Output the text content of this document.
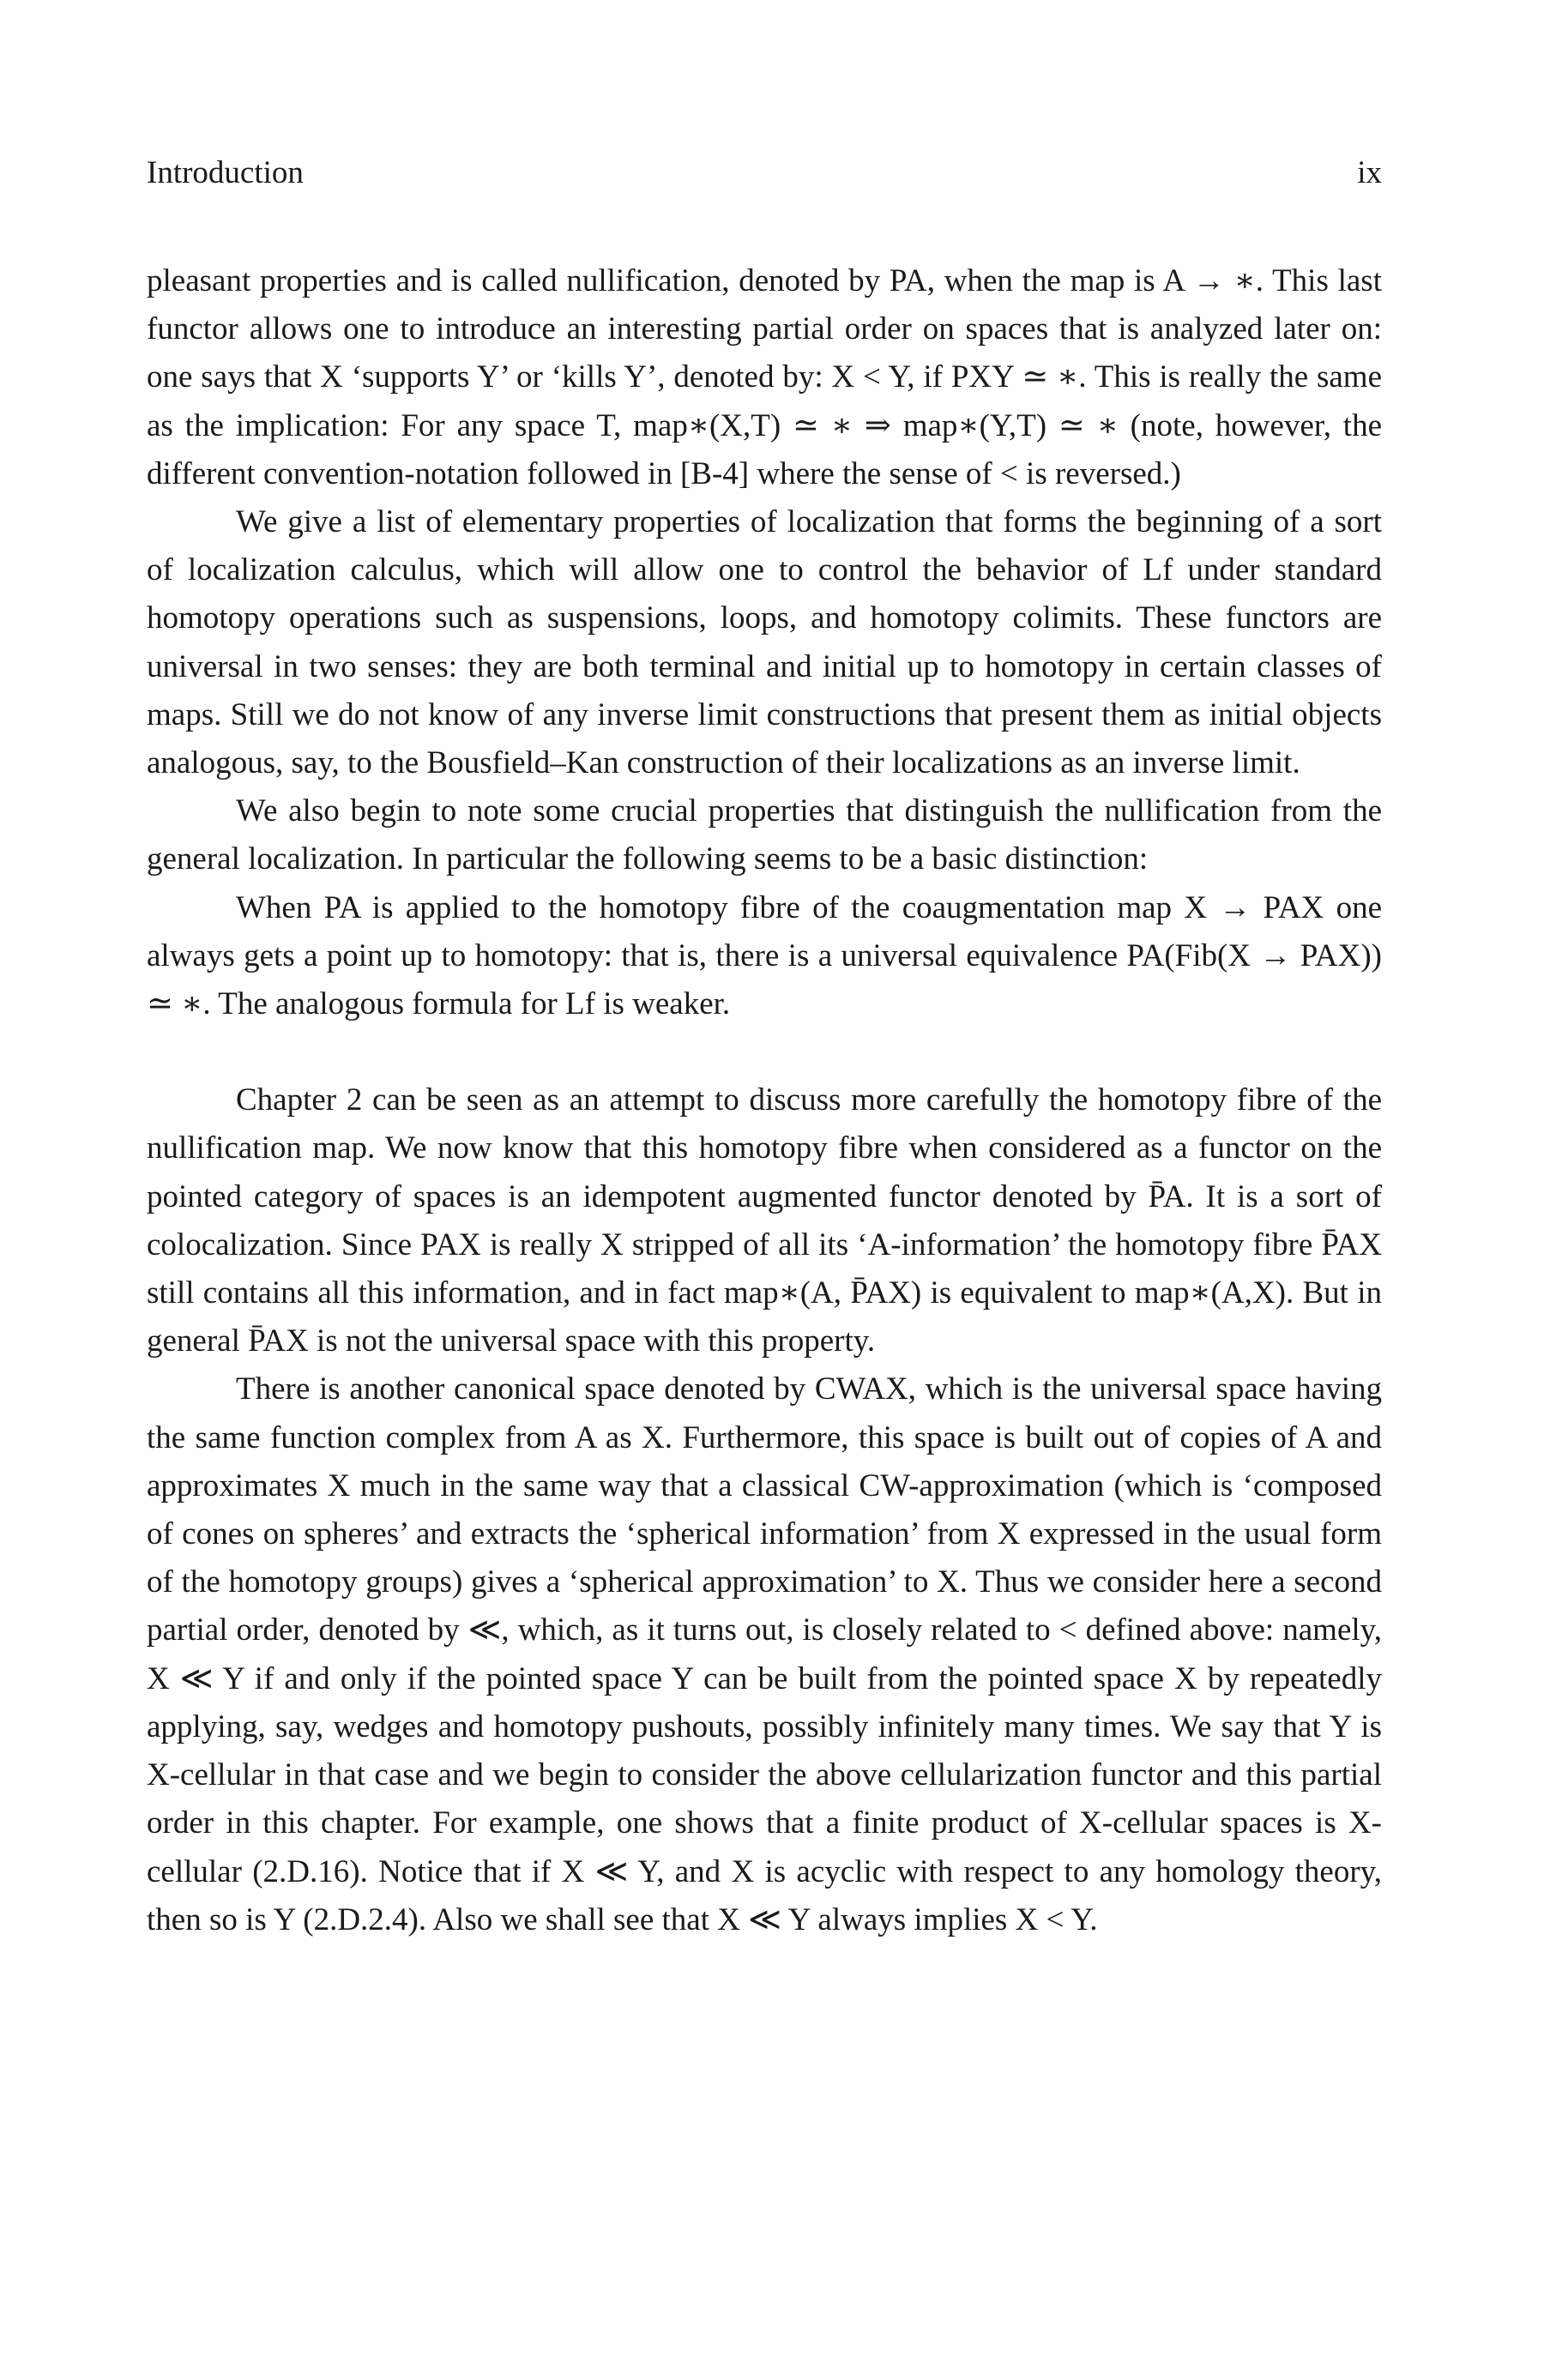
Introduction	ix

pleasant properties and is called nullification, denoted by PA, when the map is A → ∗. This last functor allows one to introduce an interesting partial order on spaces that is analyzed later on: one says that X ‘supports Y’ or ‘kills Y’, denoted by: X < Y, if PXY ≃ ∗. This is really the same as the implication: For any space T, map∗(X,T) ≃ ∗ ⇒ map∗(Y,T) ≃ ∗ (note, however, the different convention-notation followed in [B-4] where the sense of < is reversed.)

We give a list of elementary properties of localization that forms the beginning of a sort of localization calculus, which will allow one to control the behavior of Lf under standard homotopy operations such as suspensions, loops, and homotopy colimits. These functors are universal in two senses: they are both terminal and initial up to homotopy in certain classes of maps. Still we do not know of any inverse limit constructions that present them as initial objects analogous, say, to the Bousfield–Kan construction of their localizations as an inverse limit.

We also begin to note some crucial properties that distinguish the nullification from the general localization. In particular the following seems to be a basic distinction:

When PA is applied to the homotopy fibre of the coaugmentation map X → PAX one always gets a point up to homotopy: that is, there is a universal equivalence PA(Fib(X → PAX)) ≃ ∗. The analogous formula for Lf is weaker.

Chapter 2 can be seen as an attempt to discuss more carefully the homotopy fibre of the nullification map. We now know that this homotopy fibre when considered as a functor on the pointed category of spaces is an idempotent augmented functor denoted by P̄A. It is a sort of colocalization. Since PAX is really X stripped of all its ‘A-information’ the homotopy fibre P̄AX still contains all this information, and in fact map∗(A, P̄AX) is equivalent to map∗(A,X). But in general P̄AX is not the universal space with this property.

There is another canonical space denoted by CWAX, which is the universal space having the same function complex from A as X. Furthermore, this space is built out of copies of A and approximates X much in the same way that a classical CW-approximation (which is ‘composed of cones on spheres’ and extracts the ‘spherical information’ from X expressed in the usual form of the homotopy groups) gives a ‘spherical approximation’ to X. Thus we consider here a second partial order, denoted by ≪, which, as it turns out, is closely related to < defined above: namely, X ≪ Y if and only if the pointed space Y can be built from the pointed space X by repeatedly applying, say, wedges and homotopy pushouts, possibly infinitely many times. We say that Y is X-cellular in that case and we begin to consider the above cellularization functor and this partial order in this chapter. For example, one shows that a finite product of X-cellular spaces is X-cellular (2.D.16). Notice that if X ≪ Y, and X is acyclic with respect to any homology theory, then so is Y (2.D.2.4). Also we shall see that X ≪ Y always implies X < Y.
